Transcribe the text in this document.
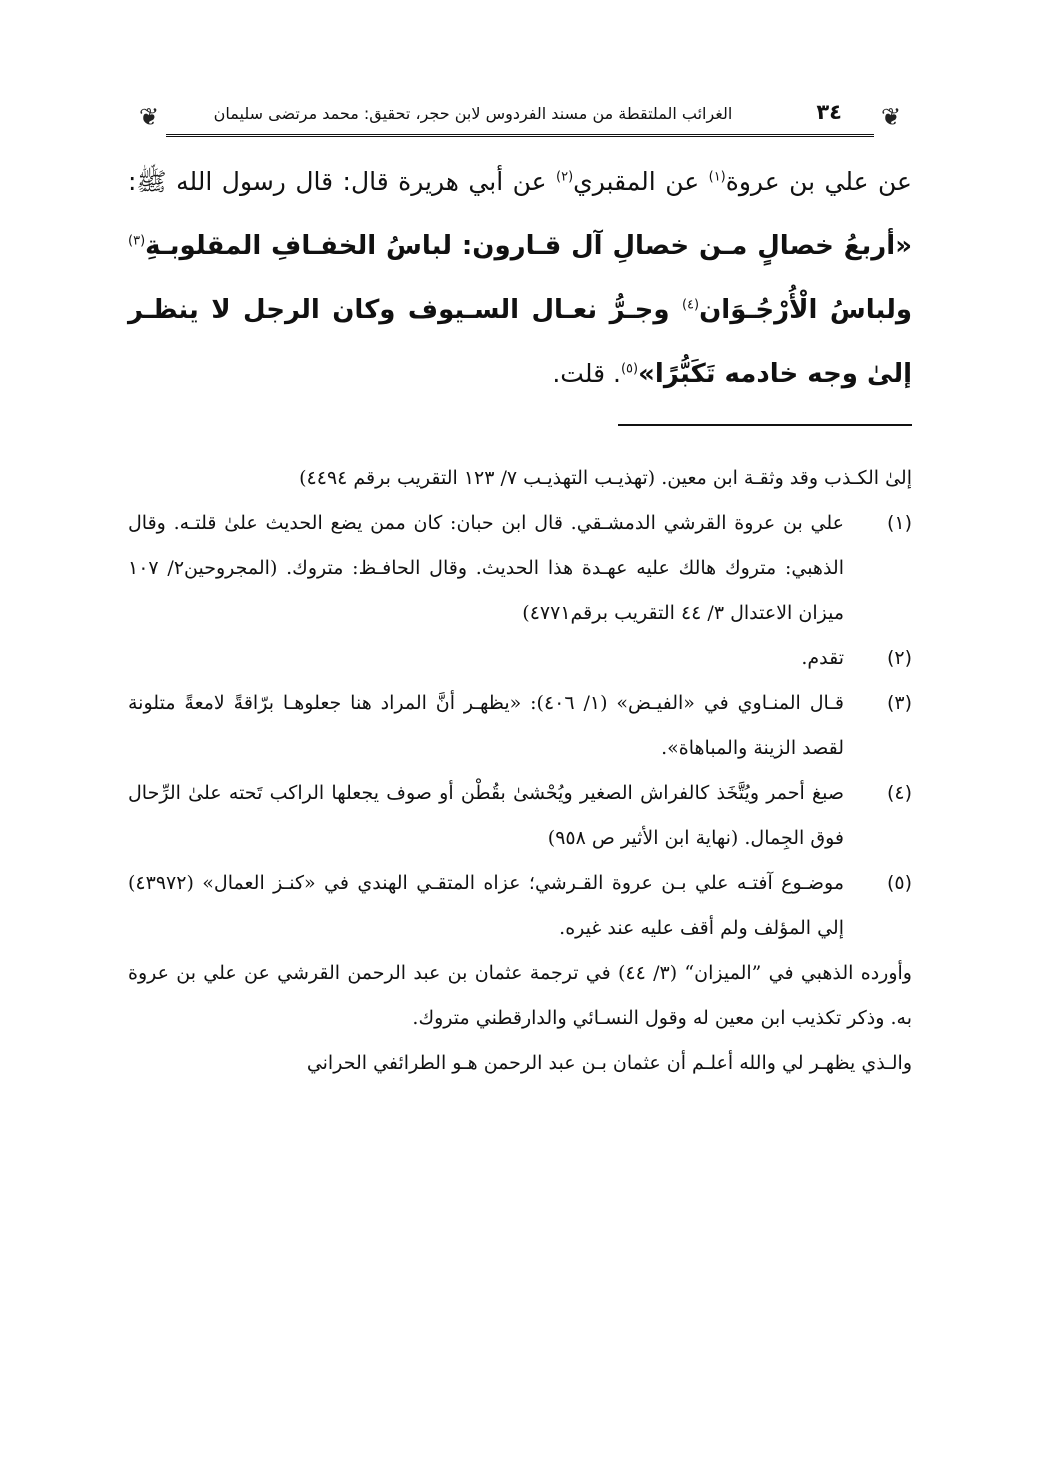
❦
٣٤
الغرائب الملتقطة من مسند الفردوس لابن حجر، تحقيق: محمد مرتضى سليمان
❦
عن علي بن عروة$^{(١)}$ عن المقبري$^{(٢)}$ عن أبي هريرة قال: قال رسول الله ﷺ: «أربعُ خصالٍ مـن خصالِ آل قـارون: لباسُ الخفـافِ المقلوبـةِ$^{(٣)}$ ولباسُ الْأُرْجُـوَان$^{(٤)}$ وجـرُّ نعـال السـيوف وكان الرجل لا ينظـر إلىٰ وجه خادمه تَكَبُّرًا»$^{(٥)}$. قلت.
إلىٰ الكـذب وقد وثقـة ابن معين. (تهذيـب التهذيـب ٧/ ١٢٣ التقريب برقم ٤٤٩٤)
(١)
علي بن عروة القرشي الدمشـقي. قال ابن حبان: كان ممن يضع الحديث علىٰ قلتـه. وقال الذهبي: متروك هالك عليه عهـدة هذا الحديث. وقال الحافـظ: متروك. (المجروحين٢/ ١٠٧ ميزان الاعتدال ٣/ ٤٤ التقريب برقم٤٧٧١)
(٢)
تقدم.
(٣)
قـال المنـاوي في «الفيـض» (١/ ٤٠٦): «يظهـر أنَّ المراد هنا جعلوهـا برّاقةً لامعةً متلونة لقصد الزينة والمباهاة».
(٤)
صبغ أحمر ويُتَّخَذ كالفراش الصغير ويُحْشىٰ بقُطْن أو صوف يجعلها الراكب تَحته علىٰ الرِّحال فوق الجِمال. (نهاية ابن الأثير ص ٩٥٨)
(٥)
موضـوع آفتـه علي بـن عروة القـرشي؛ عزاه المتقـي الهندي في «كنـز العمال» (٤٣٩٧٢) إلي المؤلف ولم أقف عليه عند غيره.
وأورده الذهبي في ”الميزان“ (٣/ ٤٤) في ترجمة عثمان بن عبد الرحمن القرشي عن علي بن عروة به. وذكر تكذيب ابن معين له وقول النسـائي والدارقطني متروك.
والـذي يظهـر لي والله أعلـم أن عثمان بـن عبد الرحمن هـو الطرائفي الحراني
